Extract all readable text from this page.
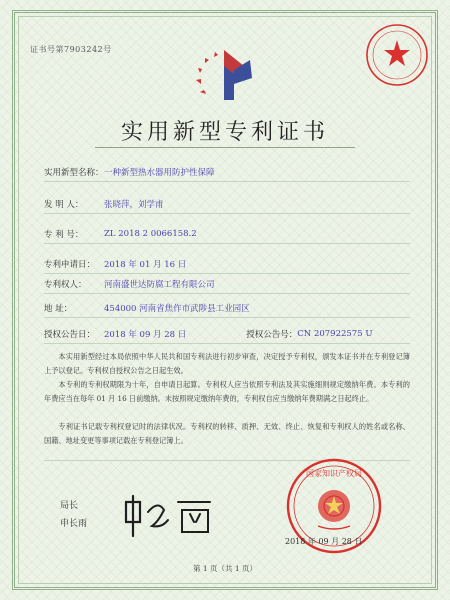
证书号第7903242号
实用新型专利证书
实用新型名称： 一种新型热水器用防护性保障
发 明 人：	张晓萍，刘学甫
专 利 号：	ZL 2018 2 0066158.2
专利申请日：	2018 年 01 月 16 日
专利权人：	河南盛世达防腐工程有限公司
地 址：	454000 河南省焦作市武陟县工业园区
授权公告日：	2018 年 09 月 28 日	授权公告号： CN 207922575 U
本实用新型经过本局依照中华人民共和国专利法进行初步审查，决定授予专利权，颁发本证书并在专利登记簿上予以登记。专利权自授权公告之日起生效。
本专利的专利权期限为十年，自申请日起算。专利权人应当依照专利法及其实施细则规定缴纳年费。本专利的年费应当在每年 01 月 16 日前缴纳。未按照规定缴纳年费的，专利权自应当缴纳年费期满之日起终止。
专利证书记载专利权登记时的法律状况。专利权的转移、质押、无效、终止、恢复和专利权人的姓名或名称、国籍、地址变更等事项记载在专利登记簿上。
局长
申长雨
国家知识产权局
2018 年 09 月 28 日
第 1 页（共 1 页）
